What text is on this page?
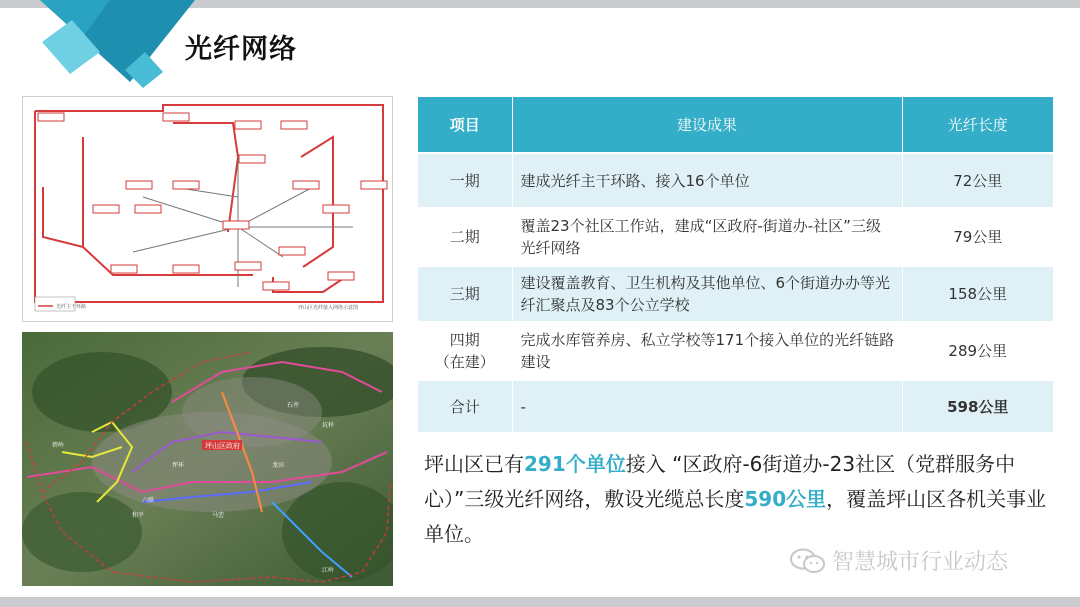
光纤网络
光纤主干环路	坪山区光纤接入网络示意图
坪山区政府
碧岭
石井
坑梓
龙田
马峦
坪环
六联
和平
江岭
项目	建设成果	光纤长度
一期	建成光纤主干环路、接入16个单位	72公里
二期	覆盖23个社区工作站，建成“区政府-街道办-社区”三级光纤网络	79公里
三期	建设覆盖教育、卫生机构及其他单位、6个街道办办等光纤汇聚点及83个公立学校	158公里

四期
（在建）	完成水库管养房、私立学校等171个接入单位的光纤链路建设	289公里
合计	-	598公里
坪山区已有291个单位接入 “区政府-6街道办-23社区（党群服务中心）”三级光纤网络，敷设光缆总长度590公里，覆盖坪山区各机关事业单位。
智慧城市行业动态
